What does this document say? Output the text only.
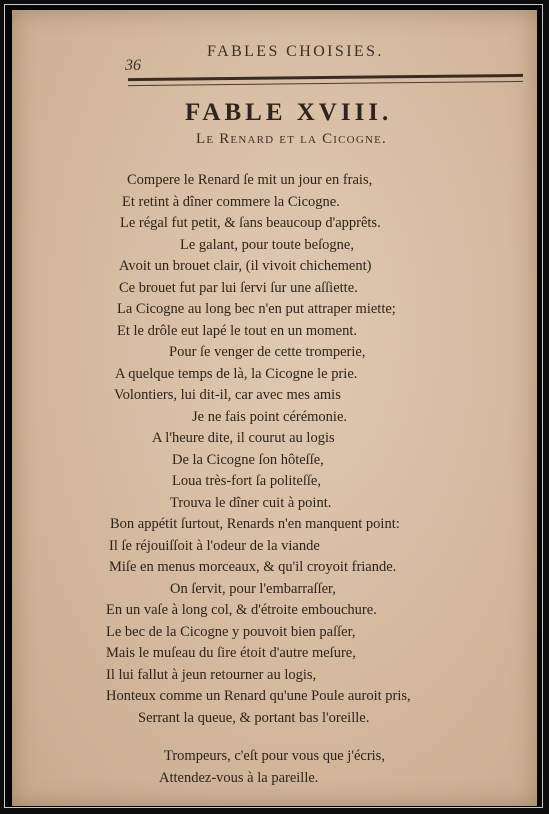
36
FABLES CHOISIES.
FABLE XVIII.
Le Renard et la Cicogne.
Compere le Renard ſe mit un jour en frais,
Et retint à dîner commere la Cicogne.
Le régal fut petit, & ſans beaucoup d'apprêts.
Le galant, pour toute beſogne,
Avoit un brouet clair, (il vivoit chichement)
Ce brouet fut par lui ſervi ſur une aſſiette.
La Cicogne au long bec n'en put attraper miette;
Et le drôle eut lapé le tout en un moment.
Pour ſe venger de cette tromperie,
A quelque temps de là, la Cicogne le prie.
Volontiers, lui dit-il, car avec mes amis
Je ne fais point cérémonie.
A l'heure dite, il courut au logis
De la Cicogne ſon hôteſſe,
Loua très-fort ſa politeſſe,
Trouva le dîner cuit à point.
Bon appétit ſurtout, Renards n'en manquent point:
Il ſe réjouiſſoit à l'odeur de la viande
Miſe en menus morceaux, & qu'il croyoit friande.
On ſervit, pour l'embarraſſer,
En un vaſe à long col, & d'étroite embouchure.
Le bec de la Cicogne y pouvoit bien paſſer,
Mais le muſeau du ſire étoit d'autre meſure,
Il lui fallut à jeun retourner au logis,
Honteux comme un Renard qu'une Poule auroit pris,
Serrant la queue, & portant bas l'oreille.
Trompeurs, c'eſt pour vous que j'écris,
Attendez-vous à la pareille.
